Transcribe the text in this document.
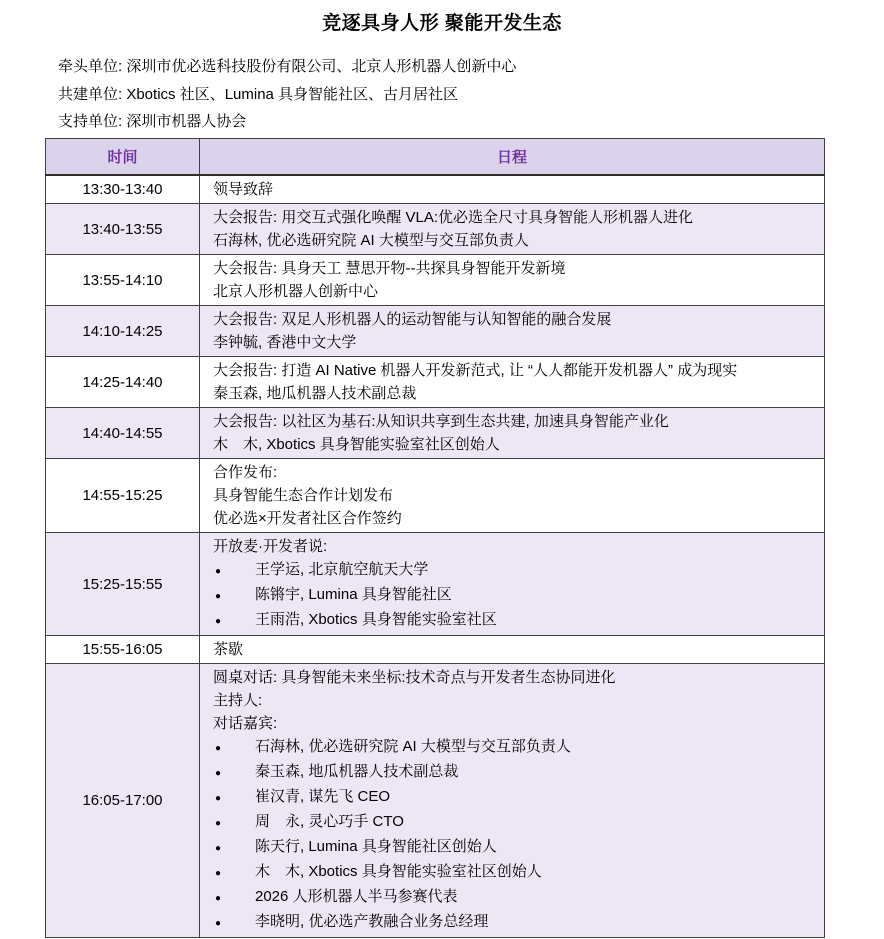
竞逐具身人形 聚能开发生态
牵头单位: 深圳市优必选科技股份有限公司、北京人形机器人创新中心
共建单位: Xbotics 社区、Lumina 具身智能社区、古月居社区
支持单位: 深圳市机器人协会
时间	日程
13:30-13:40	领导致辞

13:40-13:55	大会报告: 用交互式强化唤醒 VLA:优必选全尺寸具身智能人形机器人进化
石海林, 优必选研究院 AI 大模型与交互部负责人

13:55-14:10	大会报告: 具身天工 慧思开物--共探具身智能开发新境
北京人形机器人创新中心

14:10-14:25	大会报告: 双足人形机器人的运动智能与认知智能的融合发展
李钟毓, 香港中文大学

14:25-14:40	大会报告: 打造 AI Native 机器人开发新范式, 让 “人人都能开发机器人” 成为现实
秦玉森, 地瓜机器人技术副总裁

14:40-14:55	大会报告: 以社区为基石:从知识共享到生态共建, 加速具身智能产业化
木　木, Xbotics 具身智能实验室社区创始人

14:55-15:25	合作发布:
具身智能生态合作计划发布
优必选×开发者社区合作签约

15:25-15:55	
开放麦·开发者说:
●	王学运, 北京航空航天大学
●	陈锵宇, Lumina 具身智能社区
●	王雨浩, Xbotics 具身智能实验室社区

15:55-16:05	茶歇

16:05-17:00	
圆桌对话: 具身智能未来坐标:技术奇点与开发者生态协同进化
主持人:
对话嘉宾:
●	石海林, 优必选研究院 AI 大模型与交互部负责人
●	秦玉森, 地瓜机器人技术副总裁
●	崔汉青, 谋先飞 CEO
●	周　永, 灵心巧手 CTO
●	陈天行, Lumina 具身智能社区创始人
●	木　木, Xbotics 具身智能实验室社区创始人
●	2026 人形机器人半马参赛代表
●	李晓明, 优必选产教融合业务总经理
